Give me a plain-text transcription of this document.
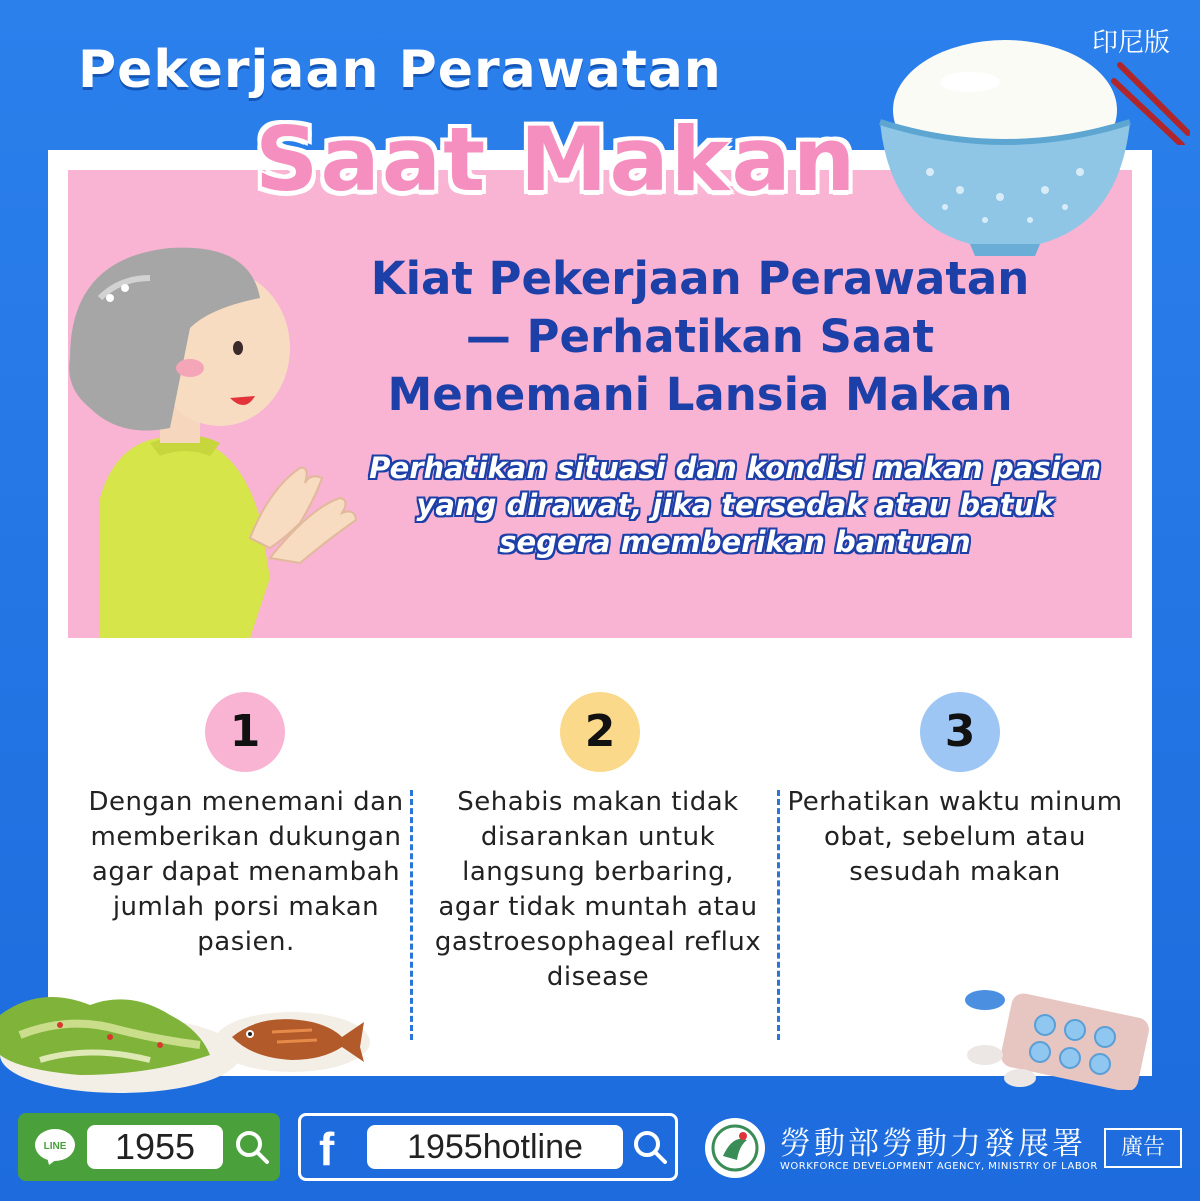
印尼版
Pekerjaan Perawatan
Saat Makan
Kiat Pekerjaan Perawatan
— Perhatikan Saat
Menemani Lansia Makan
Perhatikan situasi dan kondisi makan pasien yang dirawat, jika tersedak atau batuk segera memberikan bantuan
1	2	3
Dengan menemani dan memberikan dukungan agar dapat menambah jumlah porsi makan pasien.
Sehabis makan tidak disarankan untuk langsung berbaring, agar tidak muntah atau gastroesophageal reflux disease
Perhatikan waktu minum obat, sebelum atau sesudah makan
LINE	1955	f	1955hotline	勞動部勞動力發展署
WORKFORCE DEVELOPMENT AGENCY, MINISTRY OF LABOR
廣告
